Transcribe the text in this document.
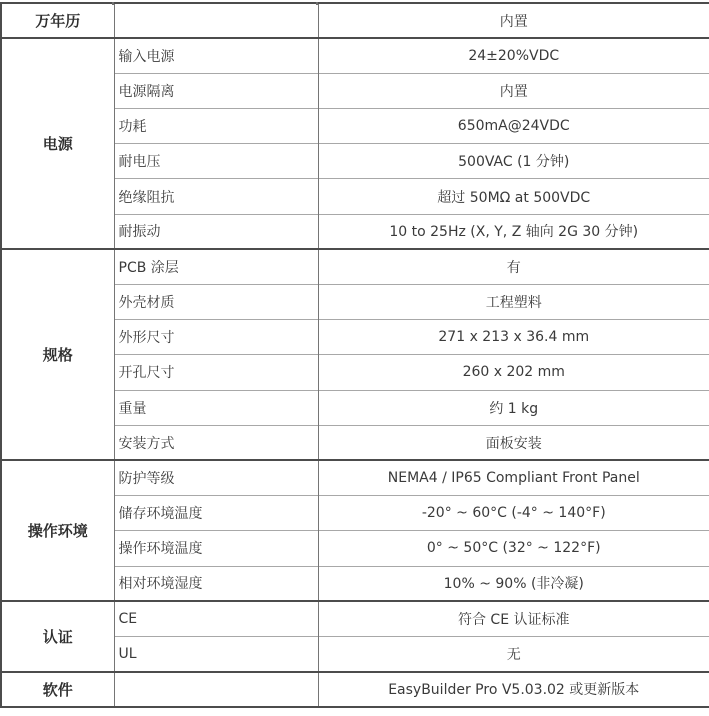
万年历		内置
电源	输入电源	24±20%VDC
	电源隔离	内置
	功耗	650mA@24VDC
	耐电压	500VAC (1 分钟)
	绝缘阻抗	超过 50MΩ at 500VDC
	耐振动	10 to 25Hz (X, Y, Z 轴向 2G 30 分钟)
规格	PCB 涂层	有
	外壳材质	工程塑料
	外形尺寸	271 x 213 x 36.4 mm
	开孔尺寸	260 x 202 mm
	重量	约 1 kg
	安装方式	面板安装
操作环境	防护等级	NEMA4 / IP65 Compliant Front Panel
	储存环境温度	-20° ~ 60°C (-4° ~ 140°F)
	操作环境温度	0° ~ 50°C (32° ~ 122°F)
	相对环境湿度	10% ~ 90% (非冷凝)
认证	CE	符合 CE 认证标准
	UL	无
软件		EasyBuilder Pro V5.03.02 或更新版本
